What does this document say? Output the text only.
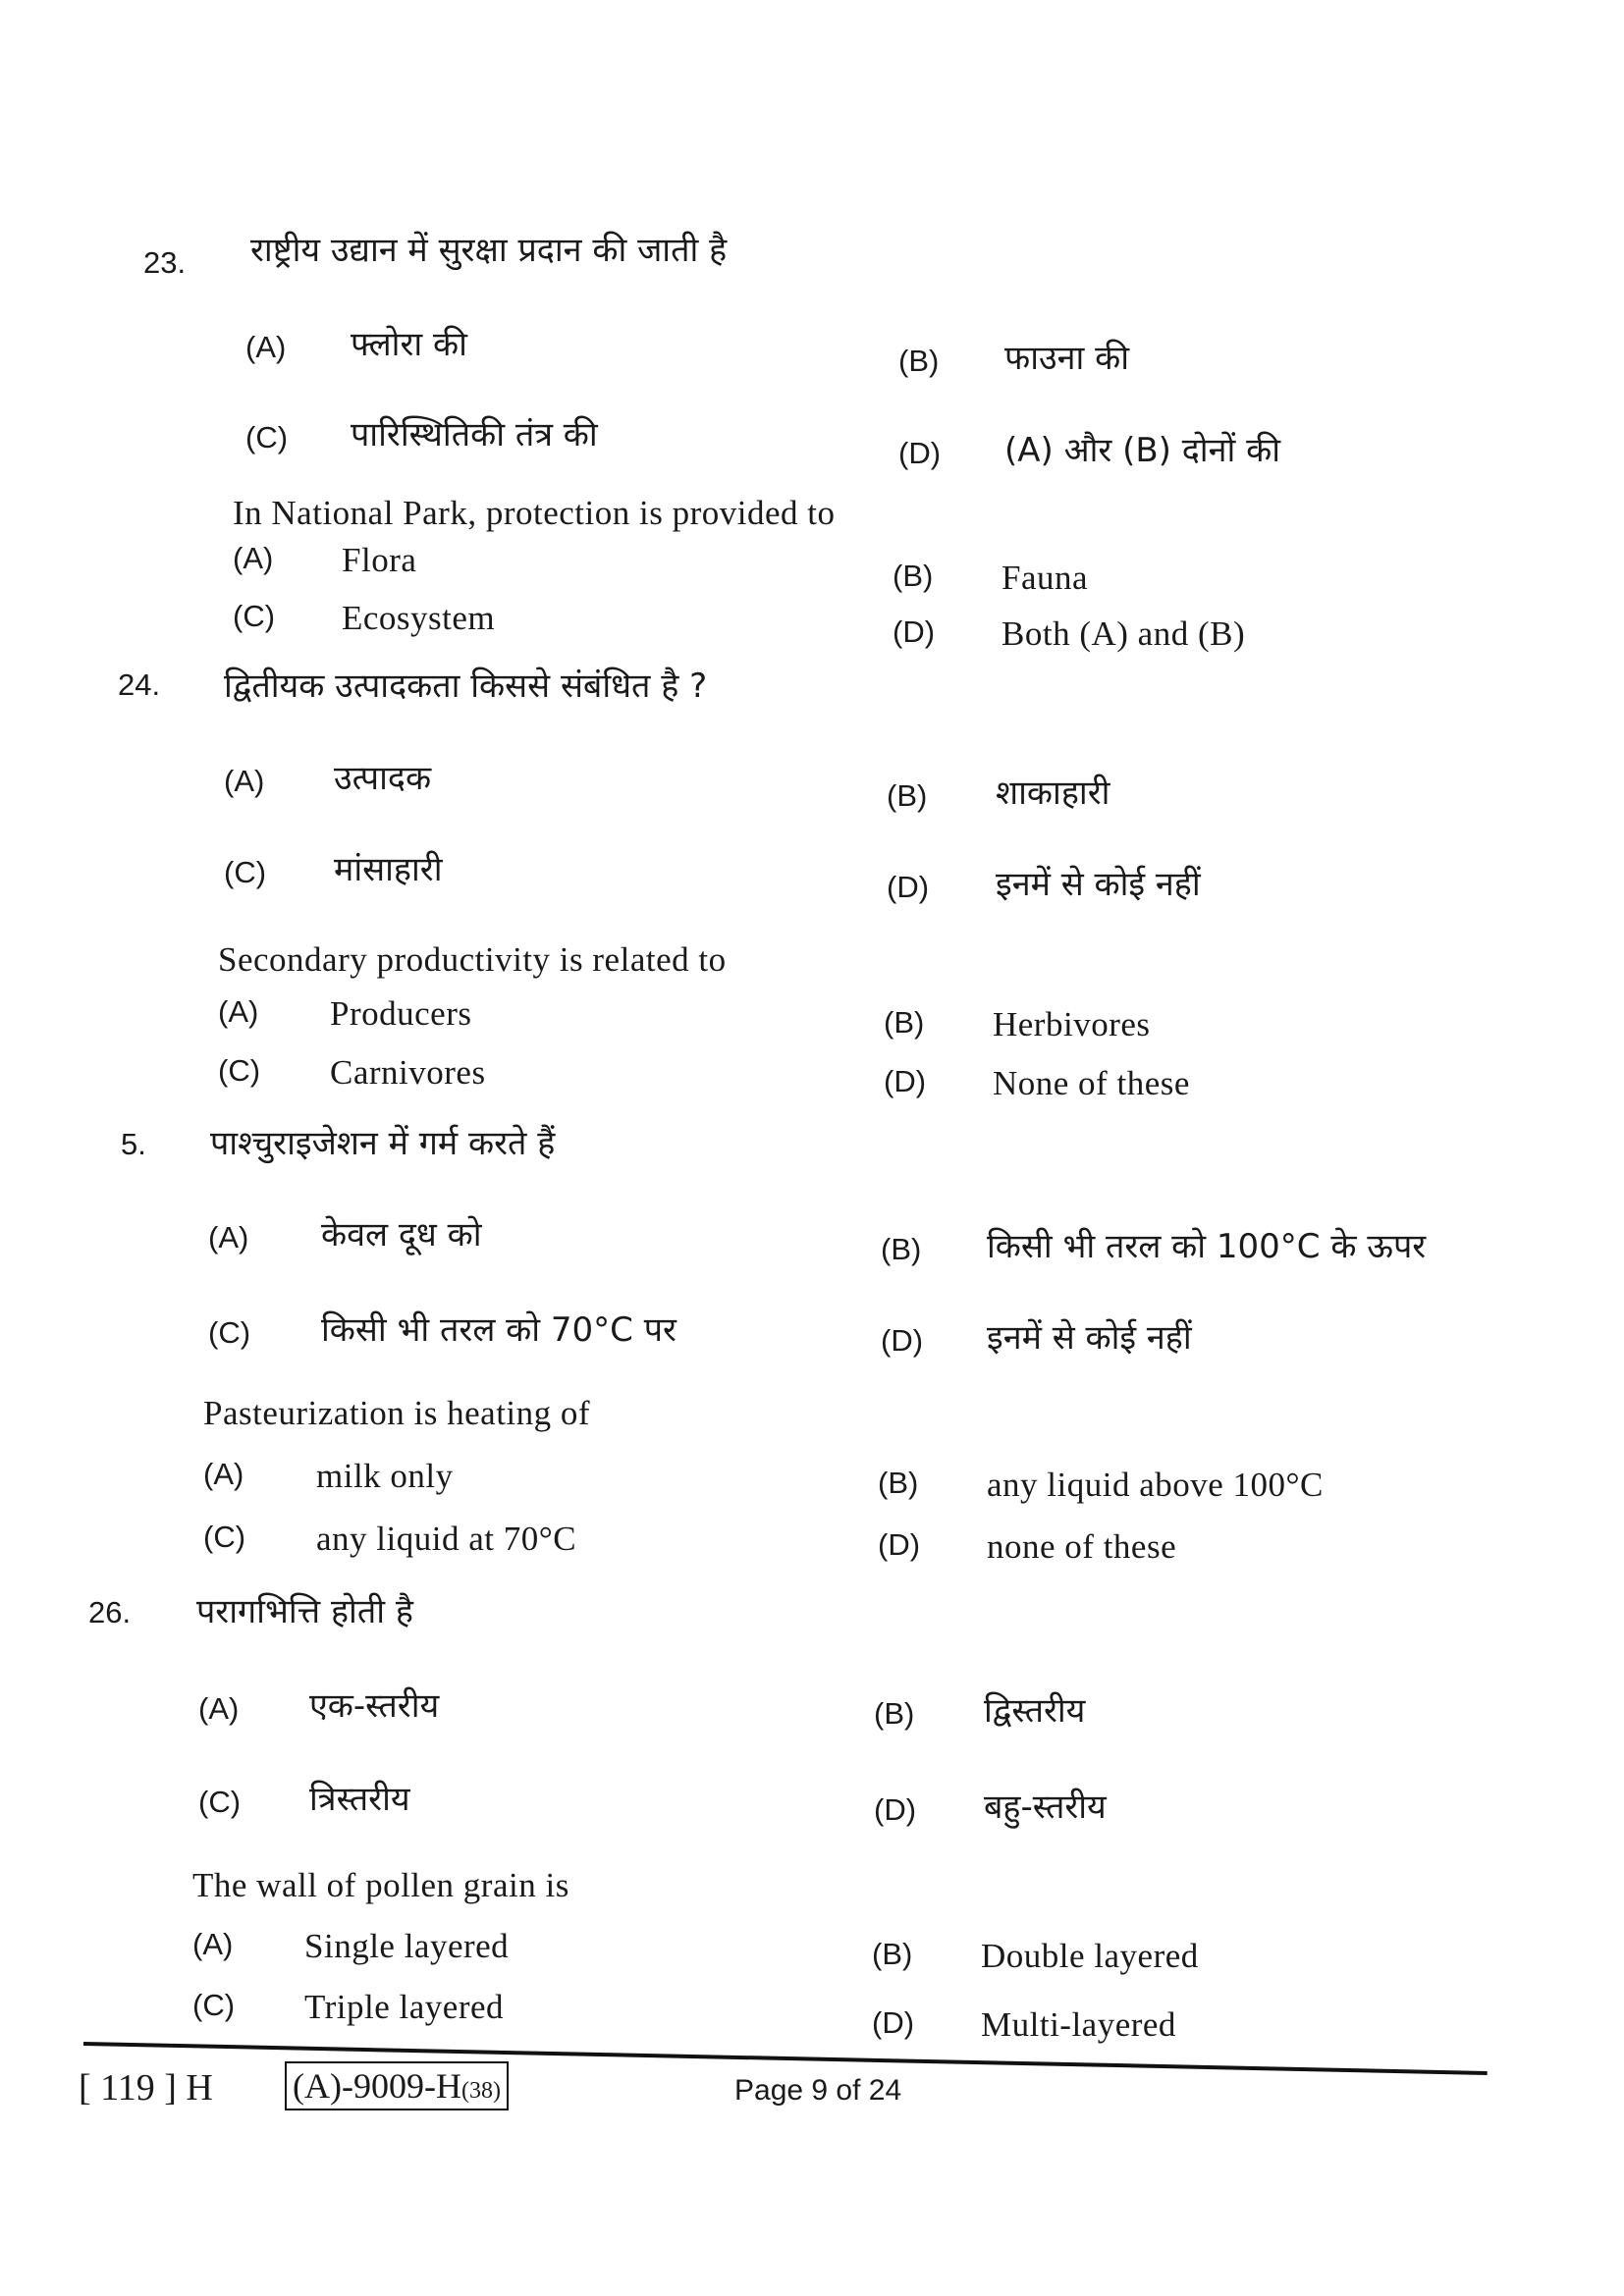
23. राष्ट्रीय उद्यान में सुरक्षा प्रदान की जाती है
In National Park, protection is provided to
(A) फ्लोरा की
(A) Flora
(B) फाउना की
(B) Fauna
(C) पारिस्थितिकी तंत्र की
(C) Ecosystem
(D) (A) और (B) दोनों की
(D) Both (A) and (B)
24. द्वितीयक उत्पादकता किससे संबंधित है ?
Secondary productivity is related to
(A) उत्पादक
(A) Producers
(B) शाकाहारी
(B) Herbivores
(C) मांसाहारी
(C) Carnivores
(D) इनमें से कोई नहीं
(D) None of these
5. पाश्चुराइजेशन में गर्म करते हैं
Pasteurization is heating of
(A) केवल दूध को
(A) milk only
(B) किसी भी तरल को 100°C के ऊपर
(B) any liquid above 100°C
(C) किसी भी तरल को 70°C पर
(C) any liquid at 70°C
(D) इनमें से कोई नहीं
(D) none of these
26. परागभित्ति होती है
The wall of pollen grain is
(A) एक-स्तरीय
(A) Single layered
(B) द्विस्तरीय
(B) Double layered
(C) त्रिस्तरीय
(C) Triple layered
(D) बहु-स्तरीय
(D) Multi-layered
[ 119 ] H (A)-9009-H(38)	Page 9 of 24
